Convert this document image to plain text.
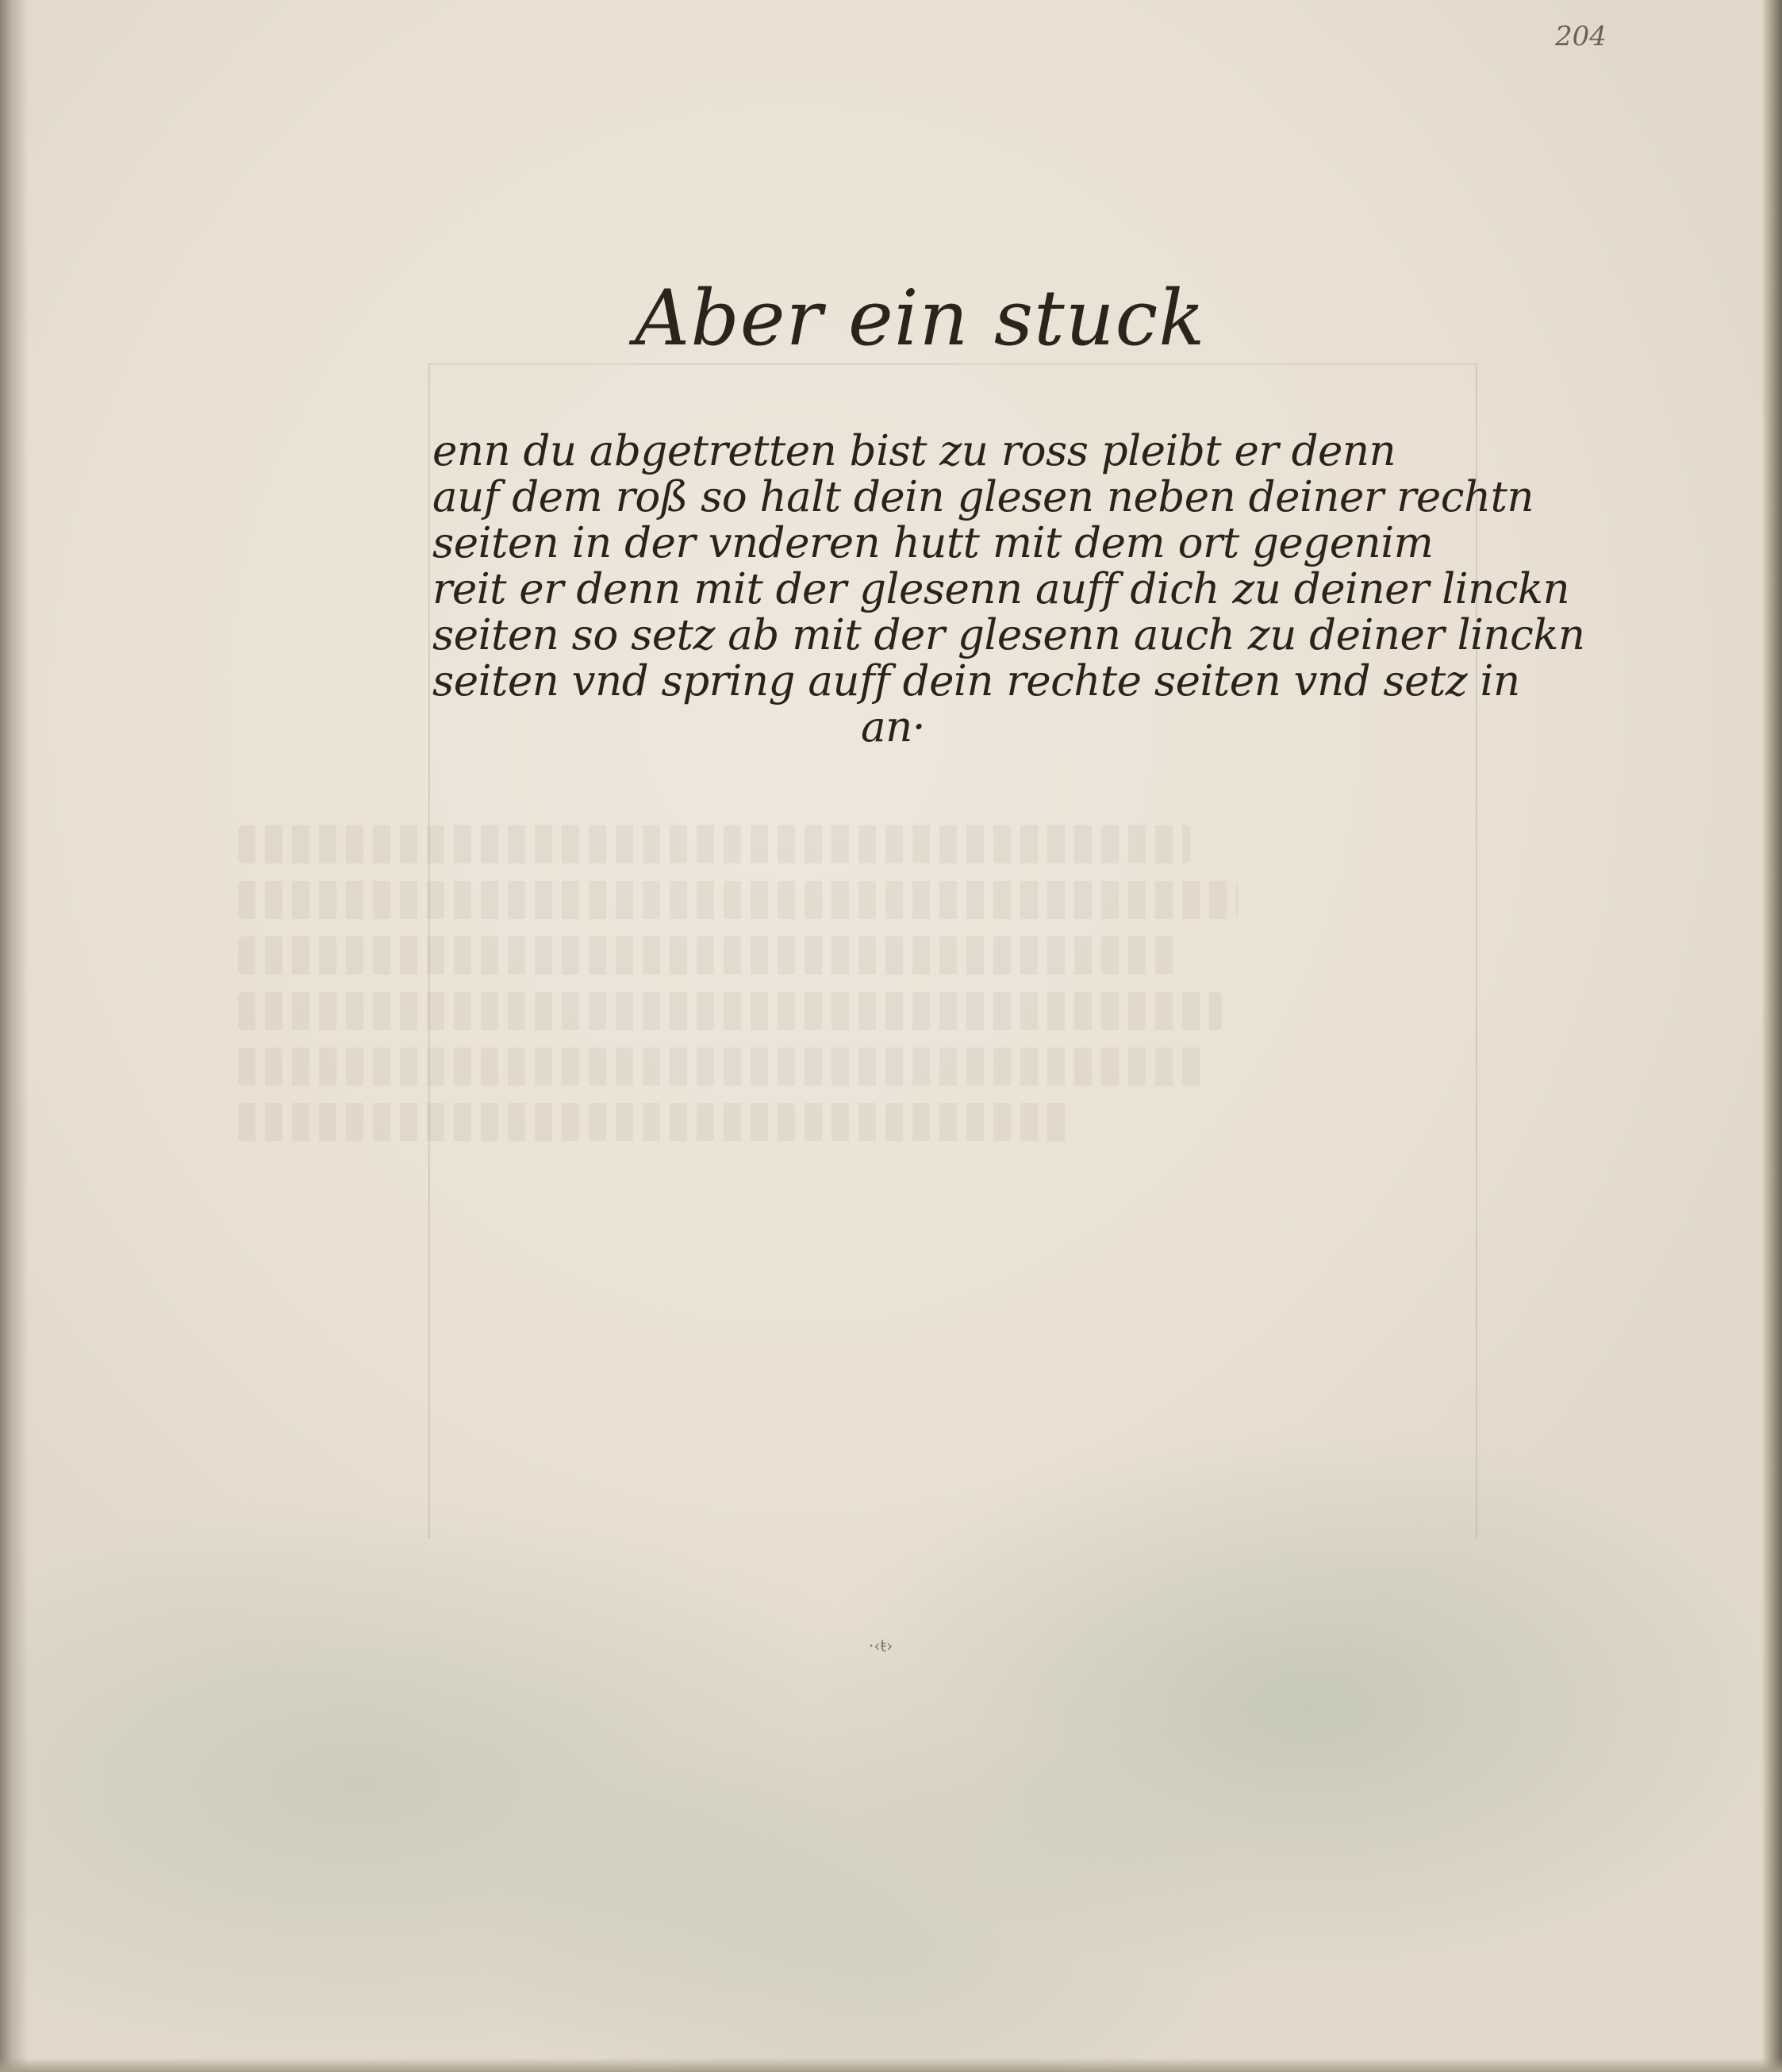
204
Aber ein stuck
enn du abgetretten bist zu ross pleibt er denn
auf dem roß so halt dein glesen neben deiner rechtn
seiten in der vnderen hutt mit dem ort gegenim
reit er denn mit der glesenn auff dich zu deiner linckn
seiten so setz ab mit der glesenn auch zu deiner linckn
seiten vnd spring auff dein rechte seiten vnd setz in
an·
·‹ŧ›
